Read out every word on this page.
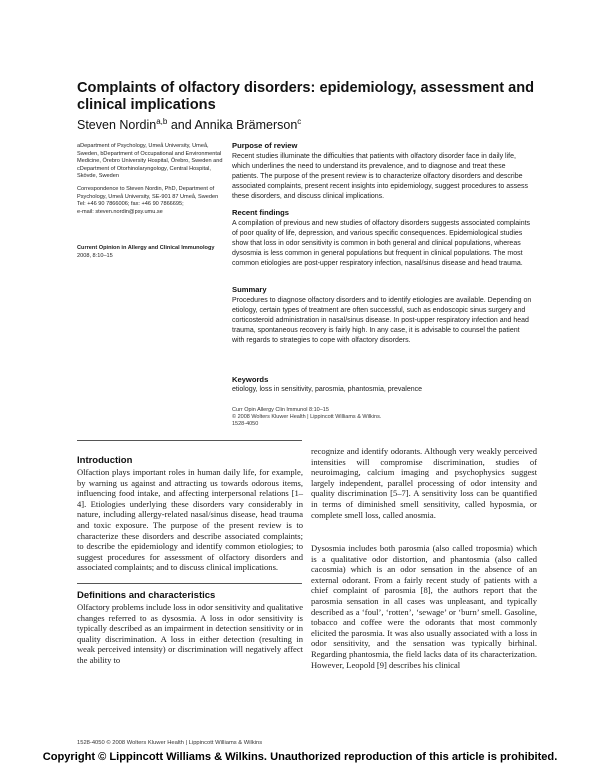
Complaints of olfactory disorders: epidemiology, assessment and clinical implications
Steven Nordin$^{a,b}$ and Annika Brämerson$^c$
aDepartment of Psychology, Umeå University, Umeå, Sweden, bDepartment of Occupational and Environmental Medicine, Örebro University Hospital, Örebro, Sweden and cDepartment of Otorhinolaryngology, Central Hospital, Skövde, Sweden
Correspondence to Steven Nordin, PhD, Department of Psychology, Umeå University, SE-901 87 Umeå, Sweden
Tel: +46 90 7866006; fax: +46 90 7866695;
e-mail: steven.nordin@psy.umu.se
Current Opinion in Allergy and Clinical Immunology 2008, 8:10–15
Purpose of review
Recent studies illuminate the difficulties that patients with olfactory disorder face in daily life, which underlines the need to understand its prevalence, and to diagnose and treat these patients. The purpose of the present review is to characterize olfactory disorders and describe associated complaints, present recent insights into epidemiology, suggest procedures to assess these disorders, and discuss clinical implications.
Recent findings
A compilation of previous and new studies of olfactory disorders suggests associated complaints of poor quality of life, depression, and various specific consequences. Epidemiological studies show that loss in odor sensitivity is common in both general and clinical populations, whereas dysosmia is less common in general populations but frequent in clinical populations. The most common etiologies are post-upper respiratory infection, nasal/sinus disease and head trauma.
Summary
Procedures to diagnose olfactory disorders and to identify etiologies are available. Depending on etiology, certain types of treatment are often successful, such as endoscopic sinus surgery and corticosteroid administration in nasal/sinus disease. In post-upper respiratory infection and head trauma, spontaneous recovery is fairly high. In any case, it is advisable to counsel the patient with regards to strategies to cope with olfactory disorders.
Keywords
etiology, loss in sensitivity, parosmia, phantosmia, prevalence
Curr Opin Allergy Clin Immunol 8:10–15
© 2008 Wolters Kluwer Health | Lippincott Williams & Wilkins.
1528-4050
Introduction
Olfaction plays important roles in human daily life, for example, by warning us against and attracting us towards odorous items, influencing food intake, and affecting interpersonal relations [1–4]. Etiologies underlying these disorders vary considerably in nature, including allergy-related nasal/sinus disease, head trauma and toxic exposure. The purpose of the present review is to characterize these disorders and describe associated complaints; to describe the epidemiology and identify common etiologies; to suggest procedures for assessment of olfactory disorders and associated complaints; and to discuss clinical implications.
Definitions and characteristics
Olfactory problems include loss in odor sensitivity and qualitative changes referred to as dysosmia. A loss in odor sensitivity is typically described as an impairment in detection sensitivity or in quality discrimination. A loss in either detection (resulting in weak perceived intensity) or discrimination will negatively affect the ability to
recognize and identify odorants. Although very weakly perceived intensities will compromise discrimination, studies of neuroimaging, calcium imaging and psychophysics suggest largely independent, parallel processing of odor intensity and quality discrimination [5–7]. A sensitivity loss can be quantified in terms of diminished smell sensitivity, called hyposmia, or complete smell loss, called anosmia.
Dysosmia includes both parosmia (also called troposmia) which is a qualitative odor distortion, and phantosmia (also called cacosmia) which is an odor sensation in the absence of an external odorant. From a fairly recent study of patients with a chief complaint of parosmia [8], the authors report that the parosmia sensation in all cases was unpleasant, and typically described as a ‘foul’, ‘rotten’, ‘sewage’ or ‘burn’ smell. Gasoline, tobacco and coffee were the odorants that most commonly elicited the parosmia. It was also usually associated with a loss in odor sensitivity, and the sensation was typically birhinal. Regarding phantosmia, the field lacks data of its characterization. However, Leopold [9] describes his clinical
1528-4050 © 2008 Wolters Kluwer Health | Lippincott Williams & Wilkins
Copyright © Lippincott Williams & Wilkins. Unauthorized reproduction of this article is prohibited.
